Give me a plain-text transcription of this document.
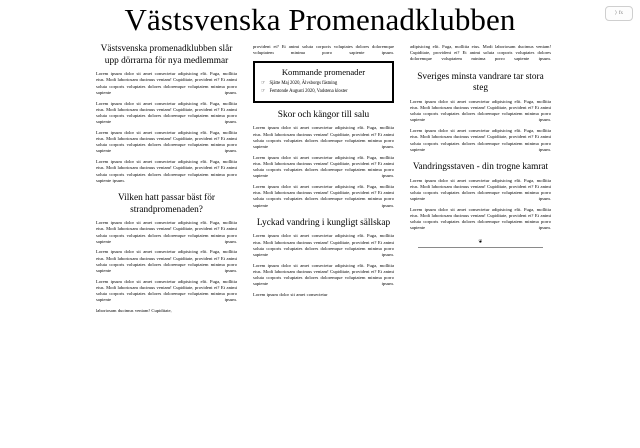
⟩ fx
Västsvenska Promenadklubben
Västsvenska promenadklubben slår upp dörrarna för nya medlemmar

Lorem ipsum dolor sit amet consectetur adipisicing elit. Fuga, mollitia eius. Modi laboriosam ducimus veniam! Cupiditate, provident et? Et animi soluta corporis voluptates dolores doloremque voluptatem minima porro sapiente ipsum.

Lorem ipsum dolor sit amet consectetur adipisicing elit. Fuga, mollitia eius. Modi laboriosam ducimus veniam! Cupiditate, provident et? Et animi soluta corporis voluptates dolores doloremque voluptatem minima porro sapiente ipsum.

Lorem ipsum dolor sit amet consectetur adipisicing elit. Fuga, mollitia eius. Modi laboriosam ducimus veniam! Cupiditate, provident et? Et animi soluta corporis voluptates dolores doloremque voluptatem minima porro sapiente ipsum.

Lorem ipsum dolor sit amet consectetur adipisicing elit. Fuga, mollitia eius. Modi laboriosam ducimus veniam! Cupiditate, provident et? Et animi soluta corporis voluptates dolores doloremque voluptatem minima porro sapiente ipsum.

Vilken hatt passar bäst för strandpromenaden?

Lorem ipsum dolor sit amet consectetur adipisicing elit. Fuga, mollitia eius. Modi laboriosam ducimus veniam! Cupiditate, provident et? Et animi soluta corporis voluptates dolores doloremque voluptatem minima porro sapiente ipsum.

Lorem ipsum dolor sit amet consectetur adipisicing elit. Fuga, mollitia eius. Modi laboriosam ducimus veniam! Cupiditate, provident et? Et animi soluta corporis voluptates dolores doloremque voluptatem minima porro sapiente ipsum.

Lorem ipsum dolor sit amet consectetur adipisicing elit. Fuga, mollitia eius. Modi laboriosam ducimus veniam! Cupiditate, provident et? Et animi soluta corporis voluptates dolores doloremque voluptatem minima porro sapiente ipsum.

laboriosam ducimus veniam! Cupiditate,

provident et? Et animi soluta corporis voluptates dolores doloremque voluptatem minima porro sapiente ipsum.

Kommande promenader
☞ Sjätte Maj 2020, Älvsborgs fästning
☞ Femtonde Augusti 2020, Vadstena kloster
Skor och kängor till salu

Lorem ipsum dolor sit amet consectetur adipisicing elit. Fuga, mollitia eius. Modi laboriosam ducimus veniam! Cupiditate, provident et? Et animi soluta corporis voluptates dolores doloremque voluptatem minima porro sapiente ipsum.

Lorem ipsum dolor sit amet consectetur adipisicing elit. Fuga, mollitia eius. Modi laboriosam ducimus veniam! Cupiditate, provident et? Et animi soluta corporis voluptates dolores doloremque voluptatem minima porro sapiente ipsum.

Lorem ipsum dolor sit amet consectetur adipisicing elit. Fuga, mollitia eius. Modi laboriosam ducimus veniam! Cupiditate, provident et? Et animi soluta corporis voluptates dolores doloremque voluptatem minima porro sapiente ipsum.

Lyckad vandring i kungligt sällskap

Lorem ipsum dolor sit amet consectetur adipisicing elit. Fuga, mollitia eius. Modi laboriosam ducimus veniam! Cupiditate, provident et? Et animi soluta corporis voluptates dolores doloremque voluptatem minima porro sapiente ipsum.

Lorem ipsum dolor sit amet consectetur adipisicing elit. Fuga, mollitia eius. Modi laboriosam ducimus veniam! Cupiditate, provident et? Et animi soluta corporis voluptates dolores doloremque voluptatem minima porro sapiente ipsum.

Lorem ipsum dolor sit amet consectetur

adipisicing elit. Fuga, mollitia eius. Modi laboriosam ducimus veniam! Cupiditate, provident et? Et animi soluta corporis voluptates dolores doloremque voluptatem minima porro sapiente ipsum.

Sveriges minsta vandrare tar stora steg

Lorem ipsum dolor sit amet consectetur adipisicing elit. Fuga, mollitia eius. Modi laboriosam ducimus veniam! Cupiditate, provident et? Et animi soluta corporis voluptates dolores doloremque voluptatem minima porro sapiente ipsum.

Lorem ipsum dolor sit amet consectetur adipisicing elit. Fuga, mollitia eius. Modi laboriosam ducimus veniam! Cupiditate, provident et? Et animi soluta corporis voluptates dolores doloremque voluptatem minima porro sapiente ipsum.

Vandringsstaven - din trogne kamrat

Lorem ipsum dolor sit amet consectetur adipisicing elit. Fuga, mollitia eius. Modi laboriosam ducimus veniam! Cupiditate, provident et? Et animi soluta corporis voluptates dolores doloremque voluptatem minima porro sapiente ipsum.

Lorem ipsum dolor sit amet consectetur adipisicing elit. Fuga, mollitia eius. Modi laboriosam ducimus veniam! Cupiditate, provident et? Et animi soluta corporis voluptates dolores doloremque voluptatem minima porro sapiente ipsum.

❦
